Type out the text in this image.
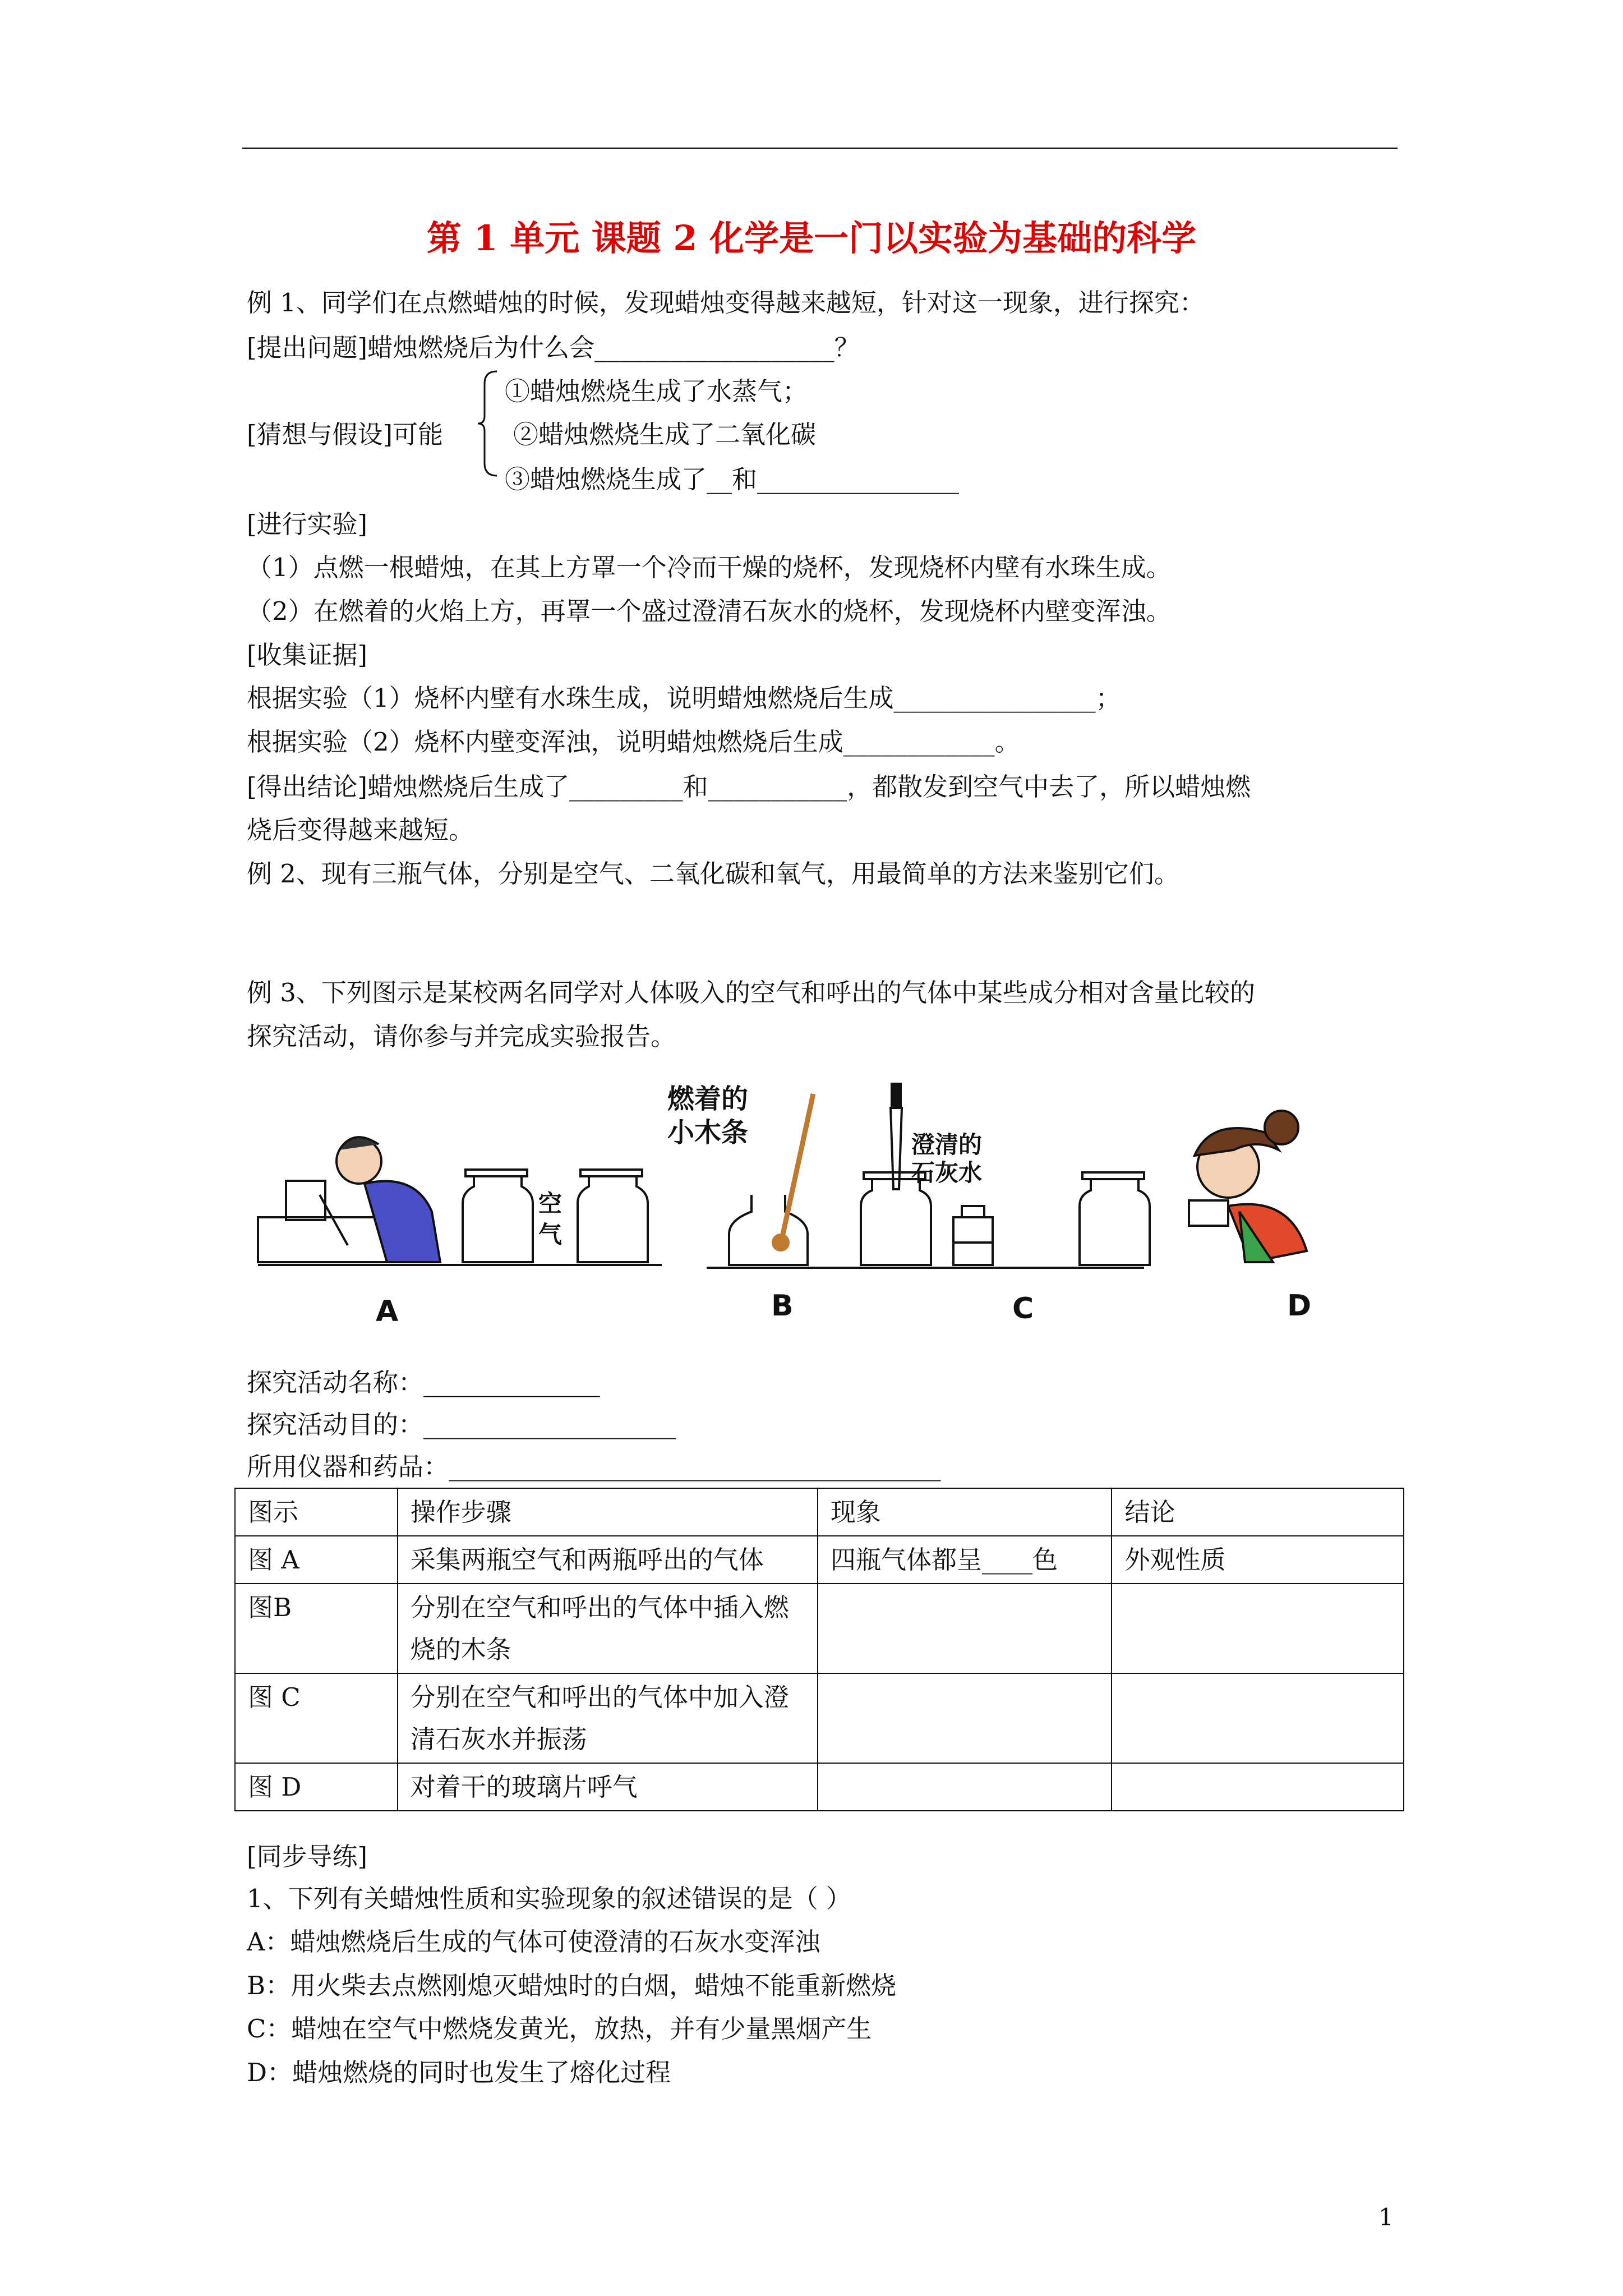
第 1 单元 课题 2 化学是一门以实验为基础的科学
例 1、同学们在点燃蜡烛的时候，发现蜡烛变得越来越短，针对这一现象，进行探究：
[提出问题]蜡烛燃烧后为什么会___________________？
①蜡烛燃烧生成了水蒸气；
[猜想与假设]可能	②蜡烛燃烧生成了二氧化碳
③蜡烛燃烧生成了__和________________
[进行实验]
（1）点燃一根蜡烛，在其上方罩一个冷而干燥的烧杯，发现烧杯内壁有水珠生成。
（2）在燃着的火焰上方，再罩一个盛过澄清石灰水的烧杯，发现烧杯内壁变浑浊。
[收集证据]
根据实验（1）烧杯内壁有水珠生成，说明蜡烛燃烧后生成________________；
根据实验（2）烧杯内壁变浑浊，说明蜡烛燃烧后生成____________。
[得出结论]蜡烛燃烧后生成了_________和___________，都散发到空气中去了，所以蜡烛燃
烧后变得越来越短。
例 2、现有三瓶气体，分别是空气、二氧化碳和氧气，用最简单的方法来鉴别它们。
例 3、下列图示是某校两名同学对人体吸入的空气和呼出的气体中某些成分相对含量比较的
探究活动，请你参与并完成实验报告。
空
气
燃着的
小木条	澄清的
石灰水
A	B	C	D
探究活动名称：______________
探究活动目的：____________________
所用仪器和药品：_______________________________________
图示	操作步骤	现象	结论
图 A	采集两瓶空气和两瓶呼出的气体	四瓶气体都呈____色	外观性质
图B	分别在空气和呼出的气体中插入燃烧的木条		
图 C	分别在空气和呼出的气体中加入澄清石灰水并振荡		
图 D	对着干的玻璃片呼气		
[同步导练]
1、下列有关蜡烛性质和实验现象的叙述错误的是（ ）
A：蜡烛燃烧后生成的气体可使澄清的石灰水变浑浊
B：用火柴去点燃刚熄灭蜡烛时的白烟，蜡烛不能重新燃烧
C：蜡烛在空气中燃烧发黄光，放热，并有少量黑烟产生
D：蜡烛燃烧的同时也发生了熔化过程
1
